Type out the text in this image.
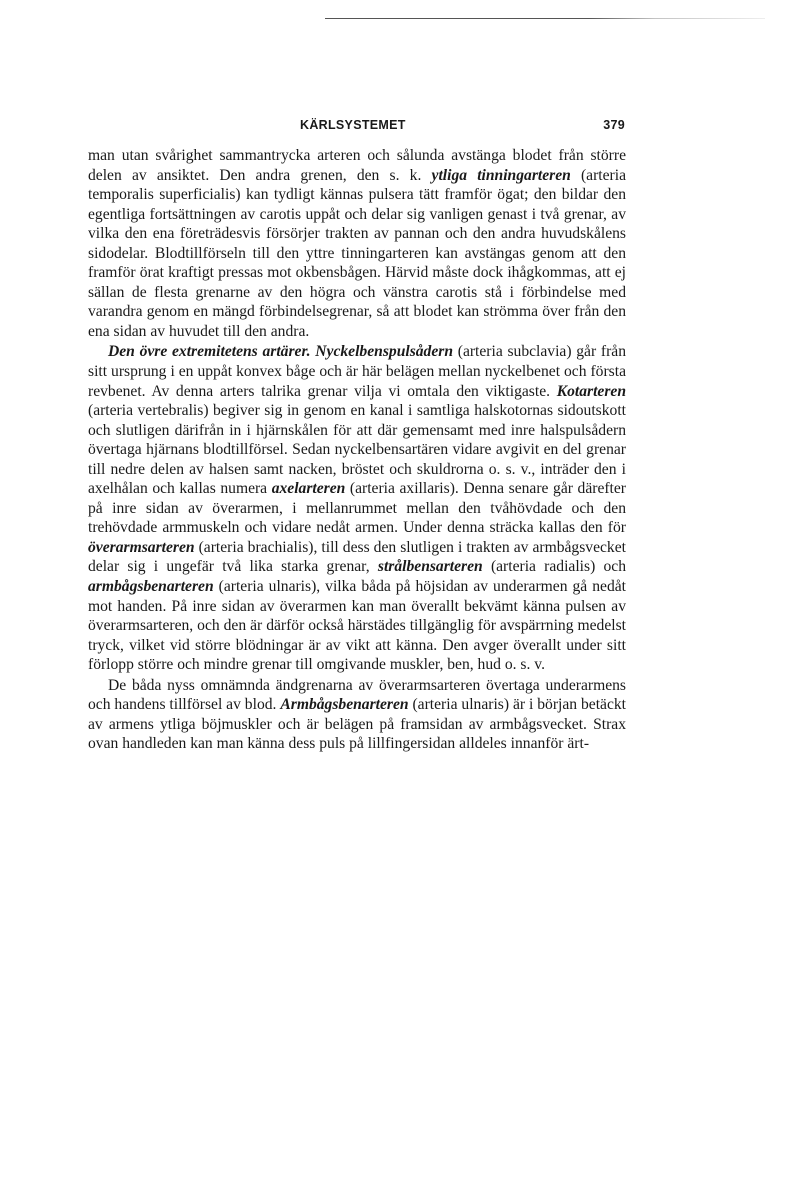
KÄRLSYSTEMET	379

man utan svårighet sammantrycka arteren och sålunda avstänga blodet från större delen av ansiktet. Den andra grenen, den s. k. ytliga tinningarteren (arteria temporalis superficialis) kan tydligt kännas pulsera tätt framför ögat; den bildar den egentliga fortsättningen av carotis uppåt och delar sig vanligen genast i två grenar, av vilka den ena företrädesvis försörjer trakten av pannan och den andra huvudskålens sidodelar. Blodtillförseln till den yttre tinningarteren kan avstängas genom att den framför örat kraftigt pressas mot okbensbågen. Härvid måste dock ihågkommas, att ej sällan de flesta grenarne av den högra och vänstra carotis stå i förbindelse med varandra genom en mängd förbindelsegrenar, så att blodet kan strömma över från den ena sidan av huvudet till den andra.

Den övre extremitetens artärer. Nyckelbenspulsådern (arteria subclavia) går från sitt ursprung i en uppåt konvex båge och är här belägen mellan nyckelbenet och första revbenet. Av denna arters talrika grenar vilja vi omtala den viktigaste. Kotarteren (arteria vertebralis) begiver sig in genom en kanal i samtliga halskotornas sidoutskott och slutligen därifrån in i hjärnskålen för att där gemensamt med inre halspulsådern övertaga hjärnans blodtillförsel. Sedan nyckelbensartären vidare avgivit en del grenar till nedre delen av halsen samt nacken, bröstet och skuldrorna o. s. v., inträder den i axelhålan och kallas numera axelarteren (arteria axillaris). Denna senare går därefter på inre sidan av överarmen, i mellanrummet mellan den tvåhövdade och den trehövdade armmuskeln och vidare nedåt armen. Under denna sträcka kallas den för överarmsarteren (arteria brachialis), till dess den slutligen i trakten av armbågsvecket delar sig i ungefär två lika starka grenar, strålbensarteren (arteria radialis) och armbågsbenarteren (arteria ulnaris), vilka båda på höjsidan av underarmen gå nedåt mot handen. På inre sidan av överarmen kan man överallt bekvämt känna pulsen av överarmsarteren, och den är därför också härstädes tillgänglig för avspärrning medelst tryck, vilket vid större blödningar är av vikt att känna. Den avger överallt under sitt förlopp större och mindre grenar till omgivande muskler, ben, hud o. s. v.

De båda nyss omnämnda ändgrenarna av överarmsarteren övertaga underarmens och handens tillförsel av blod. Armbågsbenarteren (arteria ulnaris) är i början betäckt av armens ytliga böjmuskler och är belägen på framsidan av armbågsvecket. Strax ovan handleden kan man känna dess puls på lillfingersidan alldeles innanför ärt-
